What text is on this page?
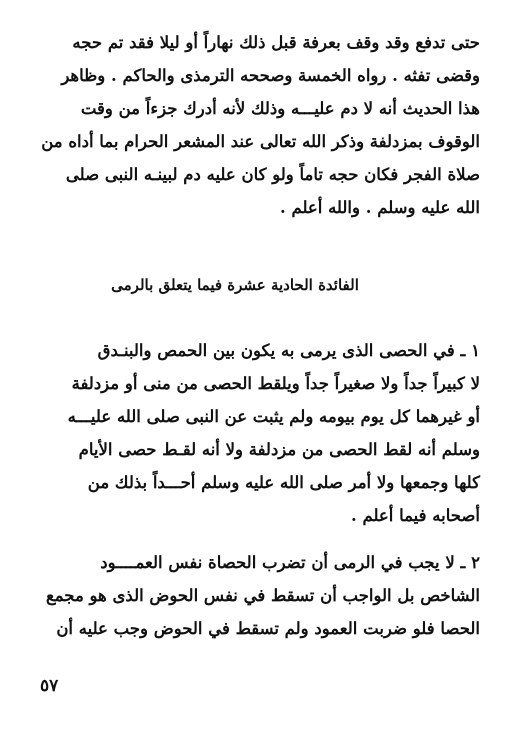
حتى تدفع وقد وقف بعرفة قبل ذلك نهاراً أو ليلا فقد تم حجه
وقضى تفثه . رواه الخمسة وصححه الترمذى والحاكم . وظاهر
هذا الحديث أنه لا دم عليـــه وذلك لأنه أدرك جزءاً من وقت
الوقوف بمزدلفة وذكر الله تعالى عند المشعر الحرام بما أداه من
صلاة الفجر فكان حجه تاماً ولو كان عليه دم لبينـه النبى صلى
الله عليه وسلم . والله أعلم .
الفائدة الحادية عشرة فيما يتعلق بالرمى
١ ـ في الحصى الذى يرمى به يكون بين الحمص والبنـدق
لا كبيراً جداً ولا صغيراً جداً ويلقط الحصى من منى أو مزدلفة
أو غيرهما كل يوم بيومه ولم يثبت عن النبى صلى الله عليـــه
وسلم أنه لقط الحصى من مزدلفة ولا أنه لقـط حصى الأيام
كلها وجمعها ولا أمر صلى الله عليه وسلم أحـــداً بذلك من
أصحابه فيما أعلم .
٢ ـ لا يجب في الرمى أن تضرب الحصاة نفس العمــــود
الشاخص بل الواجب أن تسقط في نفس الحوض الذى هو مجمع
الحصا فلو ضربت العمود ولم تسقط في الحوض وجب عليه أن
٥٧
